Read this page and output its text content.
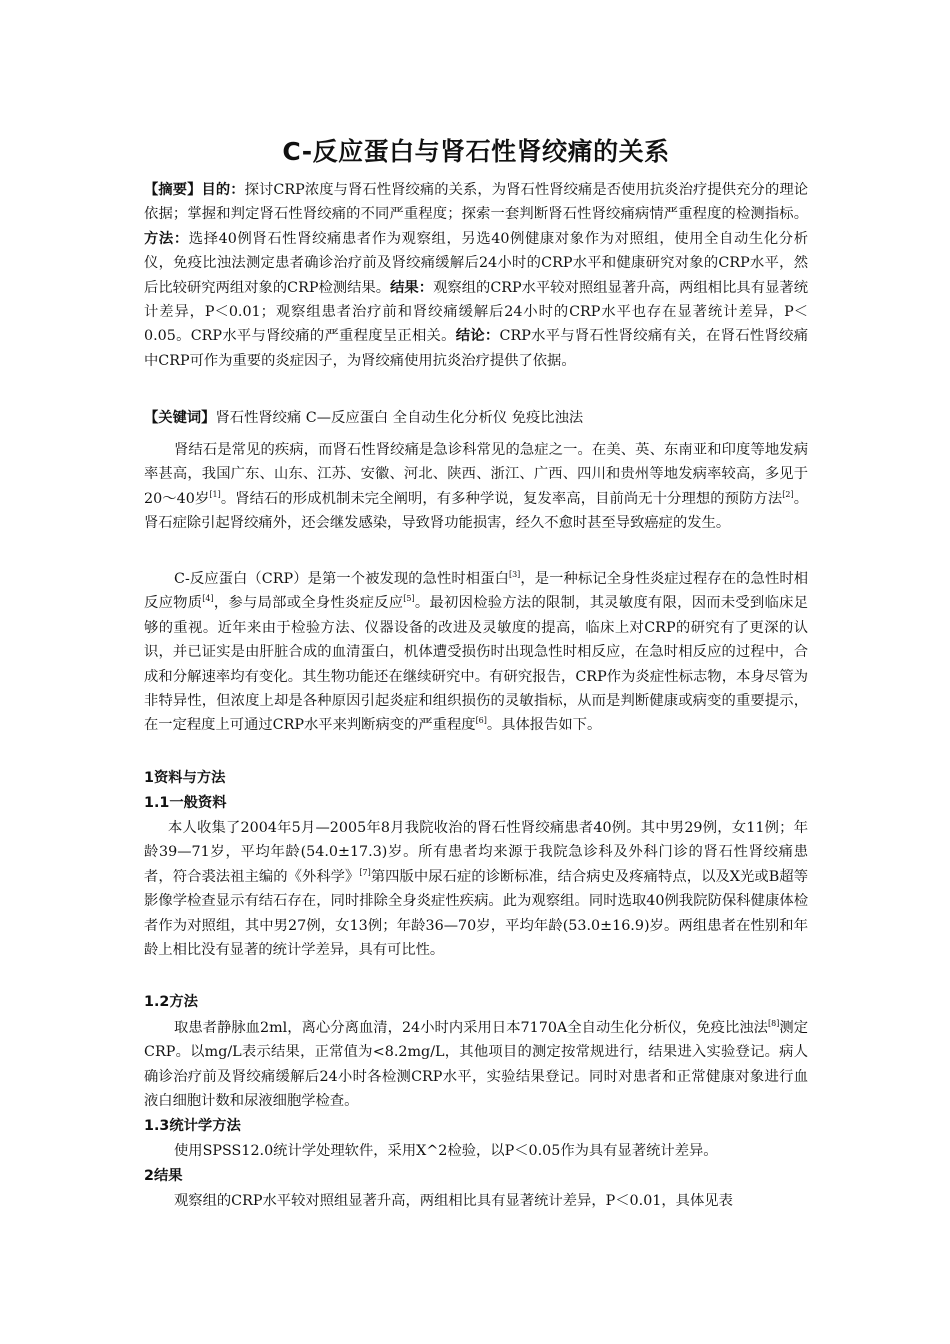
C-反应蛋白与肾石性肾绞痛的关系

【摘要】目的：探讨CRP浓度与肾石性肾绞痛的关系，为肾石性肾绞痛是否使用抗炎治疗提供充分的理论依据；掌握和判定肾石性肾绞痛的不同严重程度；探索一套判断肾石性肾绞痛病情严重程度的检测指标。方法：选择40例肾石性肾绞痛患者作为观察组，另选40例健康对象作为对照组，使用全自动生化分析仪，免疫比浊法测定患者确诊治疗前及肾绞痛缓解后24小时的CRP水平和健康研究对象的CRP水平，然后比较研究两组对象的CRP检测结果。结果：观察组的CRP水平较对照组显著升高，两组相比具有显著统计差异，P＜0.01；观察组患者治疗前和肾绞痛缓解后24小时的CRP水平也存在显著统计差异，P＜0.05。CRP水平与肾绞痛的严重程度呈正相关。结论：CRP水平与肾石性肾绞痛有关，在肾石性肾绞痛中CRP可作为重要的炎症因子，为肾绞痛使用抗炎治疗提供了依据。

【关键词】肾石性肾绞痛 C—反应蛋白 全自动生化分析仪 免疫比浊法

肾结石是常见的疾病，而肾石性肾绞痛是急诊科常见的急症之一。在美、英、东南亚和印度等地发病率甚高，我国广东、山东、江苏、安徽、河北、陕西、浙江、广西、四川和贵州等地发病率较高，多见于20～40岁[1]。肾结石的形成机制未完全阐明，有多种学说，复发率高，目前尚无十分理想的预防方法[2]。肾石症除引起肾绞痛外，还会继发感染，导致肾功能损害，经久不愈时甚至导致癌症的发生。

C-反应蛋白（CRP）是第一个被发现的急性时相蛋白[3]，是一种标记全身性炎症过程存在的急性时相反应物质[4]，参与局部或全身性炎症反应[5]。最初因检验方法的限制，其灵敏度有限，因而未受到临床足够的重视。近年来由于检验方法、仪器设备的改进及灵敏度的提高，临床上对CRP的研究有了更深的认识，并已证实是由肝脏合成的血清蛋白，机体遭受损伤时出现急性时相反应，在急时相反应的过程中，合成和分解速率均有变化。其生物功能还在继续研究中。有研究报告，CRP作为炎症性标志物，本身尽管为非特异性，但浓度上却是各种原因引起炎症和组织损伤的灵敏指标，从而是判断健康或病变的重要提示，在一定程度上可通过CRP水平来判断病变的严重程度[6]。具体报告如下。

1资料与方法
1.1一般资料

本人收集了2004年5月—2005年8月我院收治的肾石性肾绞痛患者40例。其中男29例，女11例；年龄39—71岁，平均年龄(54.0±17.3)岁。所有患者均来源于我院急诊科及外科门诊的肾石性肾绞痛患者，符合裘法祖主编的《外科学》[7]第四版中尿石症的诊断标准，结合病史及疼痛特点，以及X光或B超等影像学检查显示有结石存在，同时排除全身炎症性疾病。此为观察组。同时选取40例我院防保科健康体检者作为对照组，其中男27例，女13例；年龄36—70岁，平均年龄(53.0±16.9)岁。两组患者在性别和年龄上相比没有显著的统计学差异，具有可比性。

1.2方法

取患者静脉血2ml，离心分离血清，24小时内采用日本7170A全自动生化分析仪，免疫比浊法[8]测定CRP。以mg/L表示结果，正常值为<8.2mg/L，其他项目的测定按常规进行，结果进入实验登记。病人确诊治疗前及肾绞痛缓解后24小时各检测CRP水平，实验结果登记。同时对患者和正常健康对象进行血液白细胞计数和尿液细胞学检查。

1.3统计学方法

使用SPSS12.0统计学处理软件，采用X^2检验，以P＜0.05作为具有显著统计差异。

2结果

观察组的CRP水平较对照组显著升高，两组相比具有显著统计差异，P＜0.01，具体见表
